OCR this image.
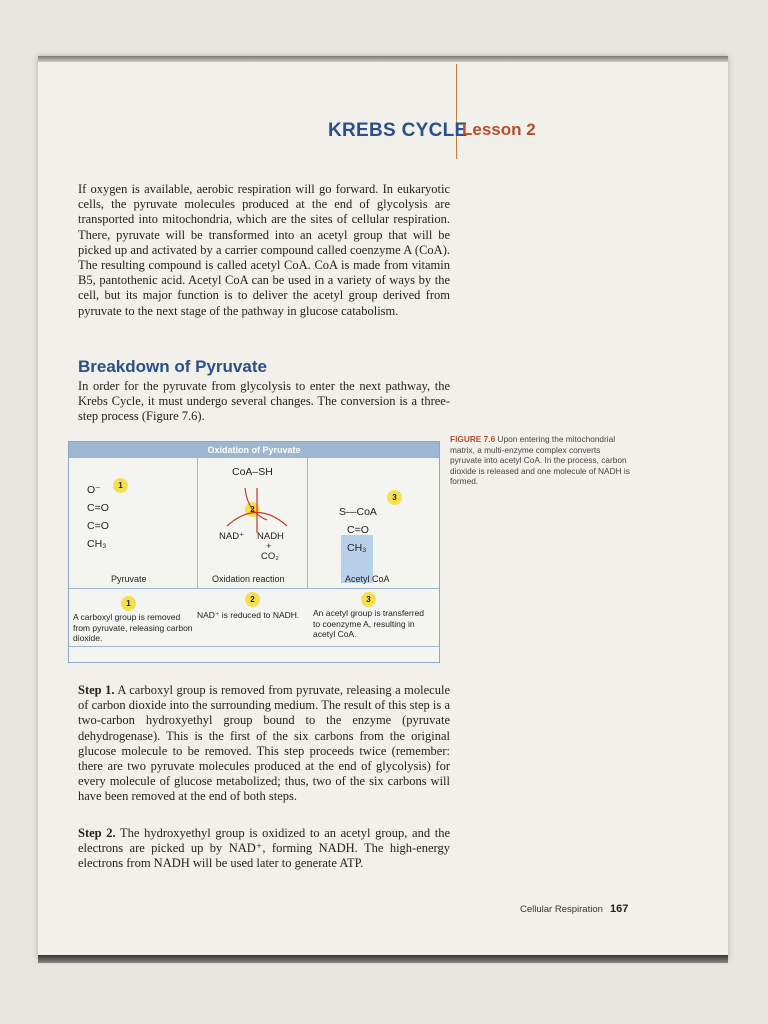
KREBS CYCLE
Lesson 2

If oxygen is available, aerobic respiration will go forward. In eukaryotic cells, the pyruvate molecules produced at the end of glycolysis are transported into mitochondria, which are the sites of cellular respiration. There, pyruvate will be transformed into an acetyl group that will be picked up and activated by a carrier compound called coenzyme A (CoA). The resulting compound is called acetyl CoA. CoA is made from vitamin B5, pantothenic acid. Acetyl CoA can be used in a variety of ways by the cell, but its major function is to deliver the acetyl group derived from pyruvate to the next stage of the pathway in glucose catabolism.

Breakdown of Pyruvate

In order for the pyruvate from glycolysis to enter the next pathway, the Krebs Cycle, it must undergo several changes. The conversion is a three-step process (Figure 7.6).

FIGURE 7.6 Upon entering the mitochondrial matrix, a multi-enzyme complex converts pyruvate into acetyl CoA. In the process, carbon dioxide is released and one molecule of NADH is formed.
Oxidation of Pyruvate
O⁻
C=O
C=O
CH₃
1
Pyruvate
CoA–SH
2
NAD⁺ NADH
+
CO₂
Oxidation reaction
3
S—CoA
C=O
CH₃
Acetyl CoA
1
A carboxyl group is removed from pyruvate, releasing carbon dioxide.
2
NAD⁺ is reduced to NADH.
3
An acetyl group is transferred to coenzyme A, resulting in acetyl CoA.

Step 1. A carboxyl group is removed from pyruvate, releasing a molecule of carbon dioxide into the surrounding medium. The result of this step is a two-carbon hydroxyethyl group bound to the enzyme (pyruvate dehydrogenase). This is the first of the six carbons from the original glucose molecule to be removed. This step proceeds twice (remember: there are two pyruvate molecules produced at the end of glycolysis) for every molecule of glucose metabolized; thus, two of the six carbons will have been removed at the end of both steps.

Step 2. The hydroxyethyl group is oxidized to an acetyl group, and the electrons are picked up by NAD⁺, forming NADH. The high-energy electrons from NADH will be used later to generate ATP.

Cellular Respiration 167
